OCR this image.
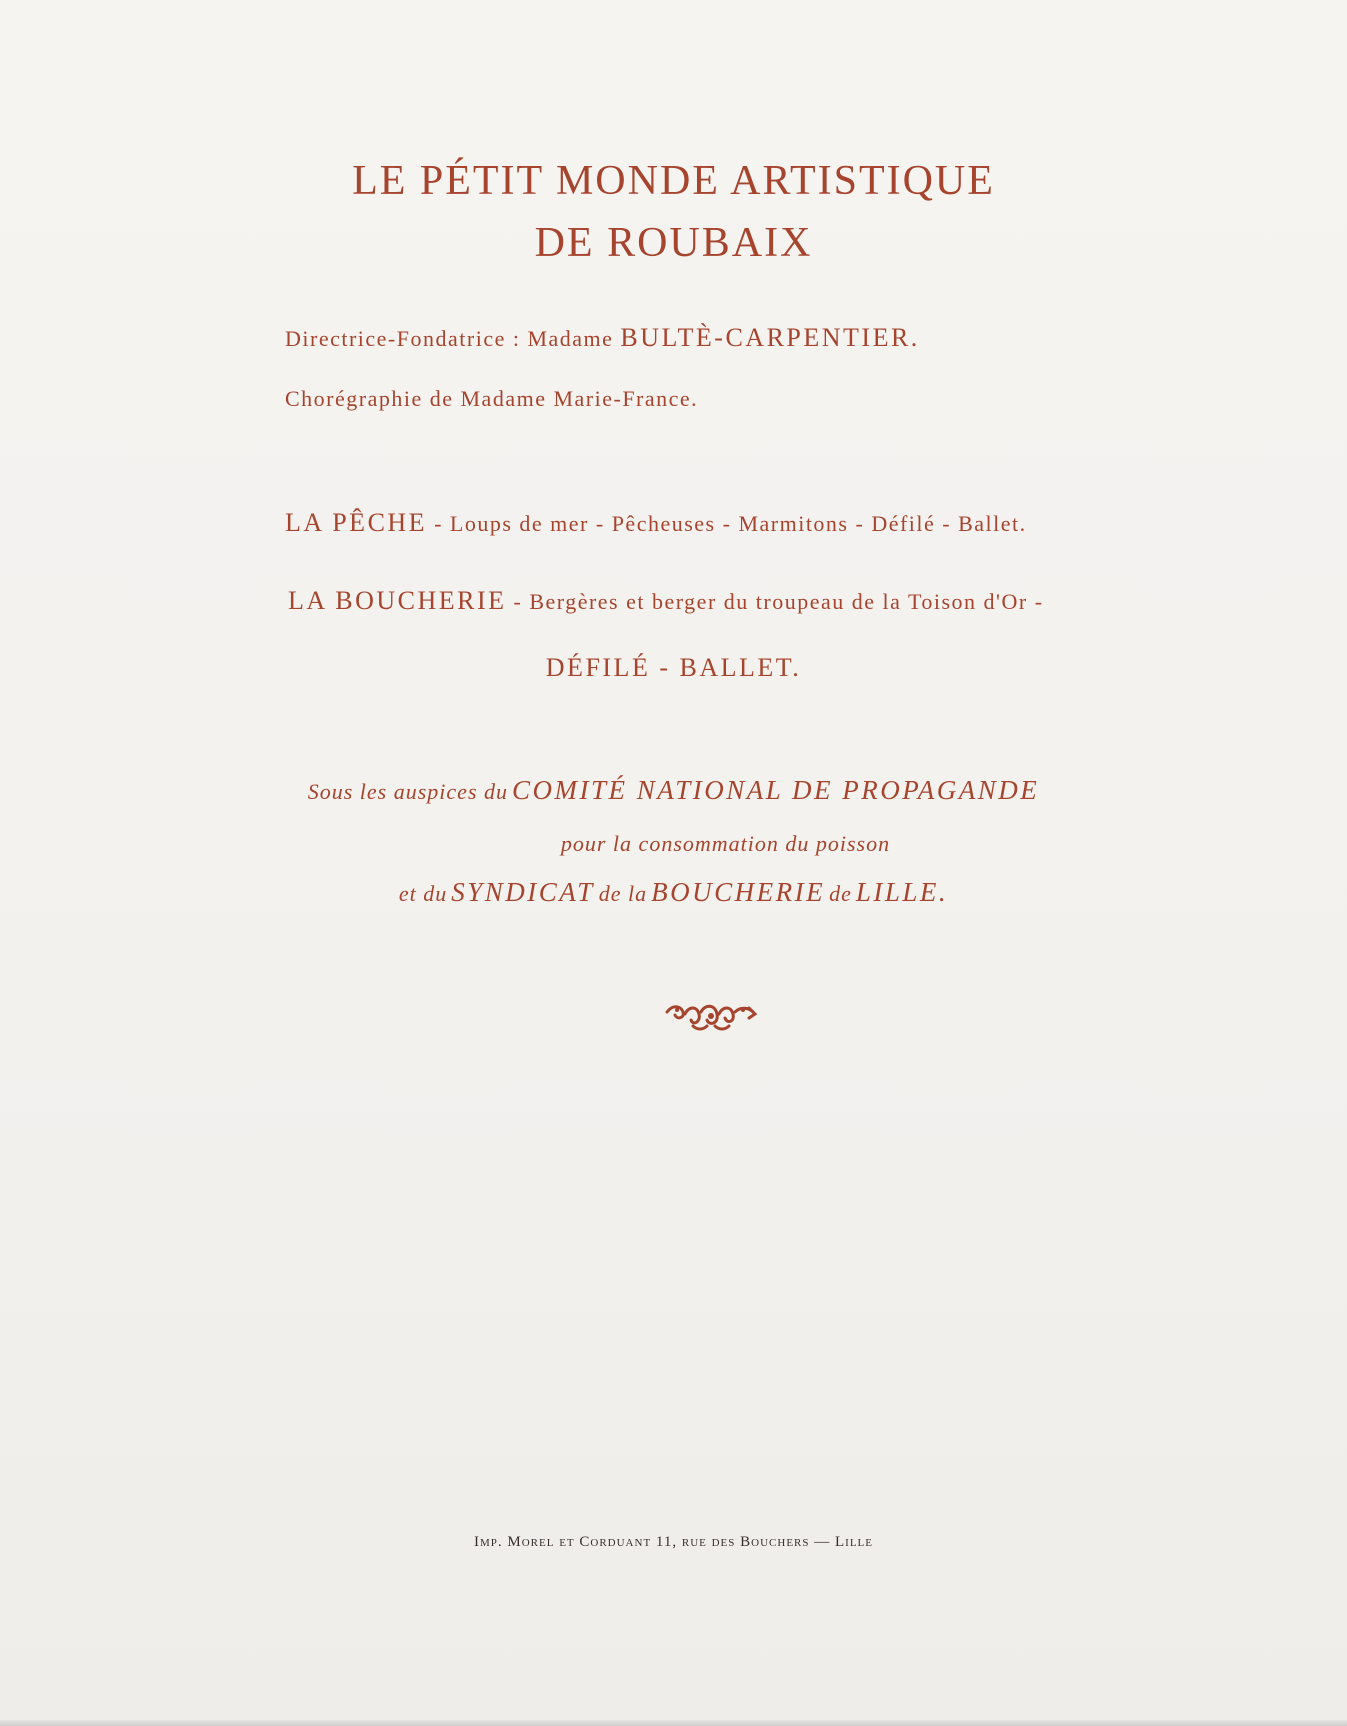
LE PÉTIT MONDE ARTISTIQUE
DE ROUBAIX
Directrice-Fondatrice : Madame BULTÈ-CARPENTIER.
Chorégraphie de Madame Marie-France.
LA PÊCHE - Loups de mer - Pêcheuses - Marmitons - Défilé - Ballet.
LA BOUCHERIE - Bergères et berger du troupeau de la Toison d'Or -
DÉFILÉ - BALLET.
Sous les auspices du COMITÉ NATIONAL DE PROPAGANDE
pour la consommation du poisson
et du SYNDICAT de la BOUCHERIE de LILLE.
Imp. Morel et Corduant 11, rue des Bouchers — Lille
